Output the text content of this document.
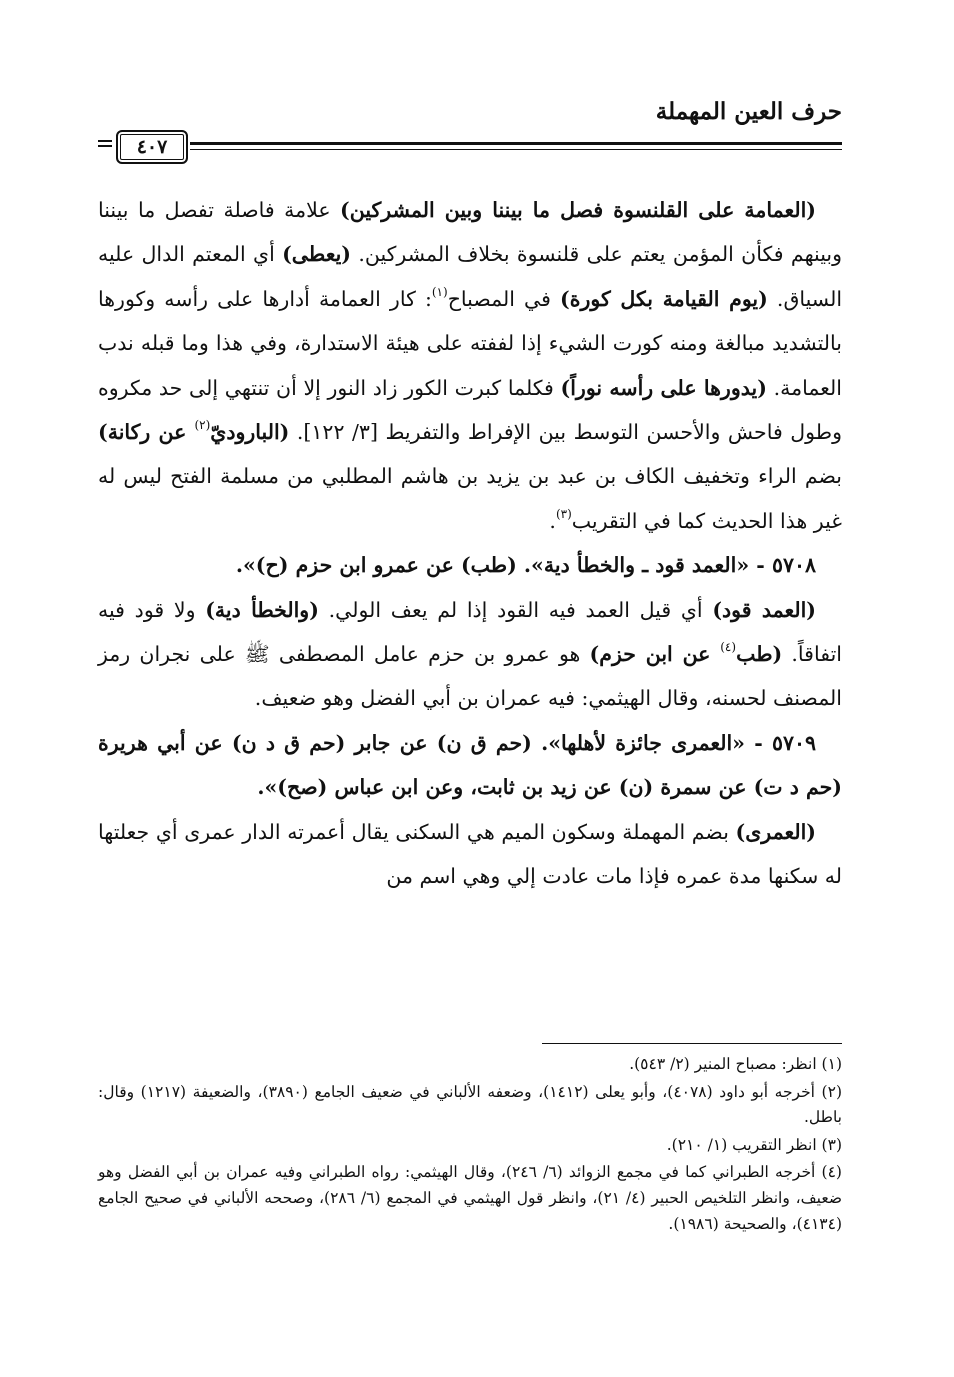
حرف العين المهملة
٤٠٧

(العمامة على القلنسوة فصل ما بيننا وبين المشركين) علامة فاصلة تفصل ما بيننا وبينهم فكأن المؤمن يعتم على قلنسوة بخلاف المشركين. (يعطى) أي المعتم الدال عليه السياق. (يوم القيامة بكل كورة) في المصباح$^{(١)}$: كار العمامة أدارها على رأسه وكورها بالتشديد مبالغة ومنه كورت الشيء إذا لففته على هيئة الاستدارة، وفي هذا وما قبله ندب العمامة. (يدورها على رأسه نوراً) فكلما كبرت الكور زاد النور إلا أن تنتهي إلى حد مكروه وطول فاحش والأحسن التوسط بين الإفراط والتفريط [٣/ ١٢٢]. (الباروديّ$^{(٢)}$ عن ركانة) بضم الراء وتخفيف الكاف بن عبد بن يزيد بن هاشم المطلبي من مسلمة الفتح ليس له غير هذا الحديث كما في التقريب$^{(٣)}$.

٥٧٠٨ - «العمد قود ـ والخطأ دية». (طب) عن عمرو ابن حزم (ح)».

(العمد قود) أي قيل العمد فيه القود إذا لم يعف الولي. (والخطأ دية) ولا قود فيه اتفاقاً. (طب$^{(٤)}$ عن ابن حزم) هو عمرو بن حزم عامل المصطفى ﷺ على نجران رمز المصنف لحسنه، وقال الهيثمي: فيه عمران بن أبي الفضل وهو ضعيف.

٥٧٠٩ - «العمرى جائزة لأهلها». (حم ق ن) عن جابر (حم ق د ن) عن أبي هريرة (حم د ت) عن سمرة (ن) عن زيد بن ثابت، وعن ابن عباس (صح)».

(العمرى) بضم المهملة وسكون الميم هي السكنى يقال أعمرته الدار عمرى أي جعلتها له سكنها مدة عمره فإذا مات عادت إلي وهي اسم من

(١) انظر: مصباح المنير (٢/ ٥٤٣).

(٢) أخرجه أبو داود (٤٠٧٨)، وأبو يعلى (١٤١٢)، وضعفه الألباني في ضعيف الجامع (٣٨٩٠)، والضعيفة (١٢١٧) وقال: باطل.

(٣) انظر التقريب (١/ ٢١٠).

(٤) أخرجه الطبراني كما في مجمع الزوائد (٦/ ٢٤٦)، وقال الهيثمي: رواه الطبراني وفيه عمران بن أبي الفضل وهو ضعيف، وانظر التلخيص الحبير (٤/ ٢١)، وانظر قول الهيثمي في المجمع (٦/ ٢٨٦)، وصححه الألباني في صحيح الجامع (٤١٣٤)، والصحيحة (١٩٨٦).
